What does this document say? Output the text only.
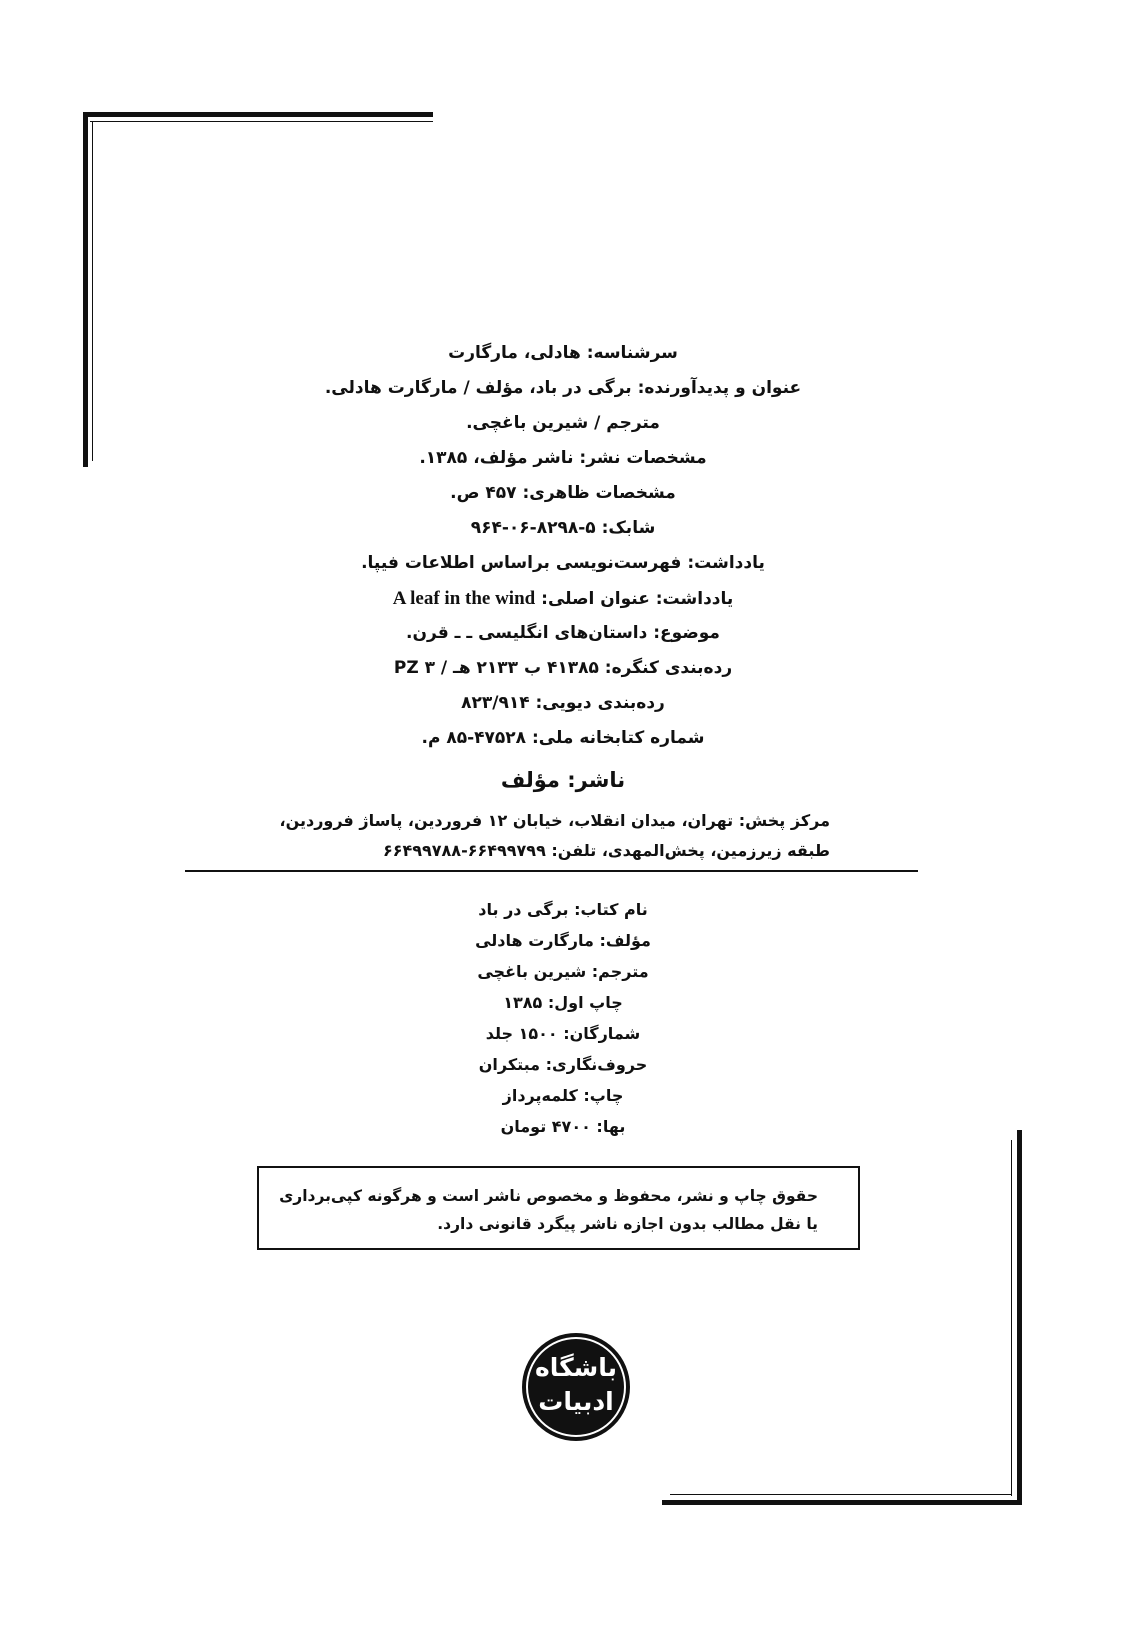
سرشناسه: هادلی، مارگارت
عنوان و پدیدآورنده: برگی در باد، مؤلف / مارگارت هادلی.
مترجم / شیرین باغچی.
مشخصات نشر: ناشر مؤلف، ۱۳۸۵.
مشخصات ظاهری: ۴۵۷ ص.
شابک: ۵-۸۲۹۸-۰۶-۹۶۴
یادداشت: فهرست‌نویسی براساس اطلاعات فیپا.
یادداشت: عنوان اصلی: A leaf in the wind
موضوع: داستان‌های انگلیسی ـ ـ قرن.
رده‌بندی کنگره: ۴۱۳۸۵ ب ۲۱۳۳ هـ / ۳ PZ
رده‌بندی دیویی: ۸۲۳/۹۱۴
شماره کتابخانه ملی: ۴۷۵۲۸-۸۵ م.
ناشر: مؤلف
مرکز پخش: تهران، میدان انقلاب، خیابان ۱۲ فروردین، پاساژ فروردین،
طبقه زیرزمین، پخش‌المهدی، تلفن: ۶۶۴۹۹۷۹۹-۶۶۴۹۹۷۸۸
نام کتاب: برگی در باد
مؤلف: مارگارت هادلی
مترجم: شیرین باغچی
چاپ اول: ۱۳۸۵
شمارگان: ۱۵۰۰ جلد
حروف‌نگاری: مبتکران
چاپ: کلمه‌پرداز
بها: ۴۷۰۰ تومان
حقوق چاپ و نشر، محفوظ و مخصوص ناشر است و هرگونه کپی‌برداری
یا نقل مطالب بدون اجازه ناشر پیگرد قانونی دارد.
باشگاه
ادبیات
